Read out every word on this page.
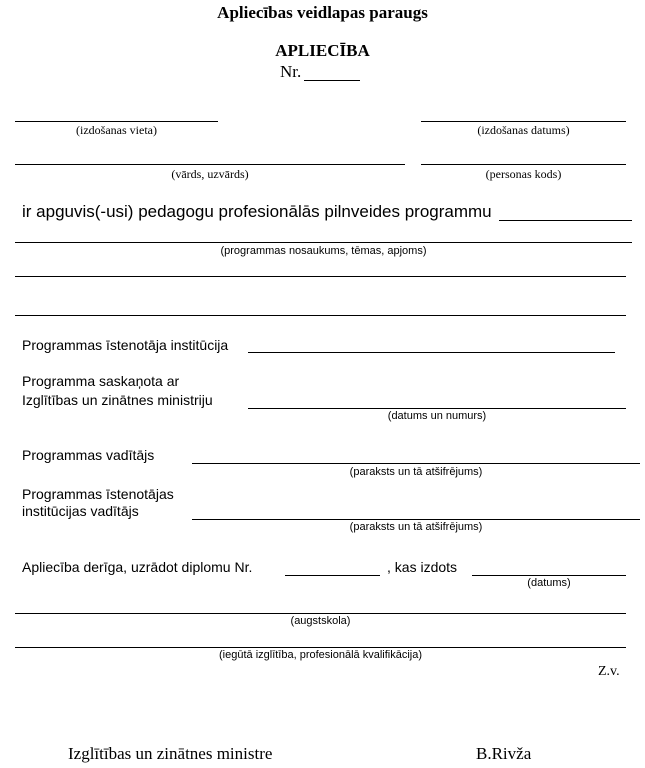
Apliecības veidlapas paraugs
APLIECĪBA
Nr.
(izdošanas vieta)	(izdošanas datums)
(vārds, uzvārds)	(personas kods)
ir apguvis(-usi) pedagogu profesionālās pilnveides programmu
(programmas nosaukums, tēmas, apjoms)
Programmas īstenotāja institūcija
Programma saskaņota ar
Izglītības un zinātnes ministriju
(datums un numurs)
Programmas vadītājs
(paraksts un tā atšifrējums)
Programmas īstenotājas
institūcijas vadītājs
(paraksts un tā atšifrējums)
Apliecība derīga, uzrādot diplomu Nr.	, kas izdots
(datums)
(augstskola)
(iegūtā izglītība, profesionālā kvalifikācija)
Z.v.
Izglītības un zinātnes ministre	B.Rivža
